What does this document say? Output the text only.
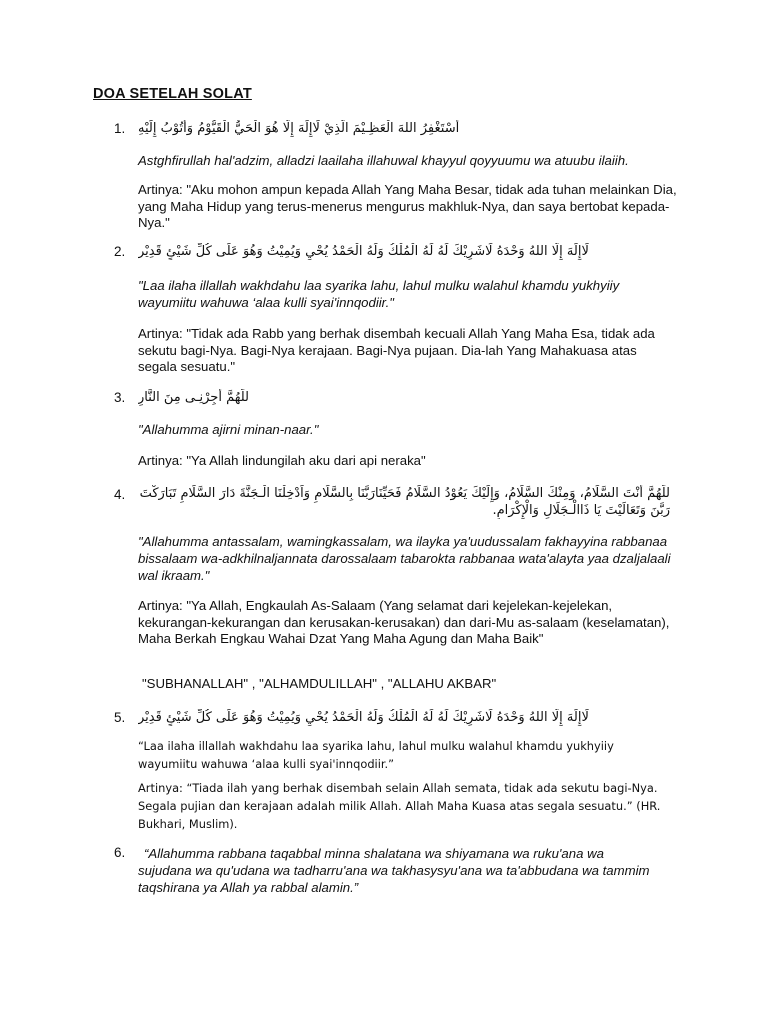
DOA SETELAH SOLAT
1. أَسْتَغْفِرُ اللهَ الْعَظِـيْمَ الَّذِيْ لَاإِلَهَ إِلَّا هُوَ الْحَيُّ الْقَيُّوْمُ وَأَتُوْبُ إِلَيْهِ
Astghfirullah hal'adzim, alladzi laailaha illahuwal khayyul qoyyuumu wa atuubu ilaiih.
Artinya: "Aku mohon ampun kepada Allah Yang Maha Besar, tidak ada tuhan melainkan Dia, yang Maha Hidup yang terus-menerus mengurus makhluk-Nya, dan saya bertobat kepada-Nya."
2. لَاإِلَهَ إِلَّا اللهُ وَحْدَهُ لَاشَرِيْكَ لَهُ لَهُ الْمُلْكُ وَلَهُ الْحَمْدُ يُحْيِ وَيُمِيْتُ وَهُوَ عَلَى كُلِّ شَيْئٍ قَدِيْر
"Laa ilaha illallah wakhdahu laa syarika lahu, lahul mulku walahul khamdu yukhyiiy wayumiitu wahuwa ‘alaa kulli syai'innqodiir."
Artinya: "Tidak ada Rabb yang berhak disembah kecuali Allah Yang Maha Esa, tidak ada sekutu bagi-Nya. Bagi-Nya kerajaan. Bagi-Nya pujaan. Dia-lah Yang Mahakuasa atas segala sesuatu."
3. للَّهُمَّ أَجِرْنِـى مِنَ النَّارِ
"Allahumma ajirni minan-naar."
Artinya: "Ya Allah lindungilah aku dari api neraka"
4. للَّهُمَّ أَنْتَ السَّلَامُ، وَمِنْكَ السَّلَامُ، وَإِلَيْكَ يَعُوْدُ السَّلَامُ فَحَيِّنَارَبَّنَا بِالسَّلَامِ وَاَدْخِلْنَا الْـجَنَّةَ دَارَ السَّلَامِ تَبَارَكْتَ رَبَّنَ وَتَعَالَيْتَ يَا ذَاالْـجَلَالِ وَالْإِكْرَامِ.
"Allahumma antassalam, wamingkassalam, wa ilayka ya'uudussalam fakhayyina rabbanaa bissalaam wa-adkhilnaljannata darossalaam tabarokta rabbanaa wata'alayta yaa dzaljalaali wal ikraam."
Artinya: "Ya Allah, Engkaulah As-Salaam (Yang selamat dari kejelekan-kejelekan, kekurangan-kekurangan dan kerusakan-kerusakan) dan dari-Mu as-salaam (keselamatan), Maha Berkah Engkau Wahai Dzat Yang Maha Agung dan Maha Baik"
"SUBHANALLAH" , "ALHAMDULILLAH" , "ALLAHU AKBAR"
5. لَاإِلَهَ إِلَّا اللهُ وَحْدَهُ لَاشَرِيْكَ لَهُ لَهُ الْمُلْكُ وَلَهُ الْحَمْدُ يُحْيِ وَيُمِيْتُ وَهُوَ عَلَى كُلِّ شَيْئٍ قَدِيْر
“Laa ilaha illallah wakhdahu laa syarika lahu, lahul mulku walahul khamdu yukhyiiy wayumiitu wahuwa ‘alaa kulli syai'innqodiir.”
Artinya: “Tiada ilah yang berhak disembah selain Allah semata, tidak ada sekutu bagi-Nya. Segala pujian dan kerajaan adalah milik Allah. Allah Maha Kuasa atas segala sesuatu.” (HR. Bukhari, Muslim).
6.	“Allahumma rabbana taqabbal minna shalatana wa shiyamana wa ruku'ana wa sujudana wa qu'udana wa tadharru'ana wa takhasysyu'ana wa ta'abbudana wa tammim taqshirana ya Allah ya rabbal alamin.”
